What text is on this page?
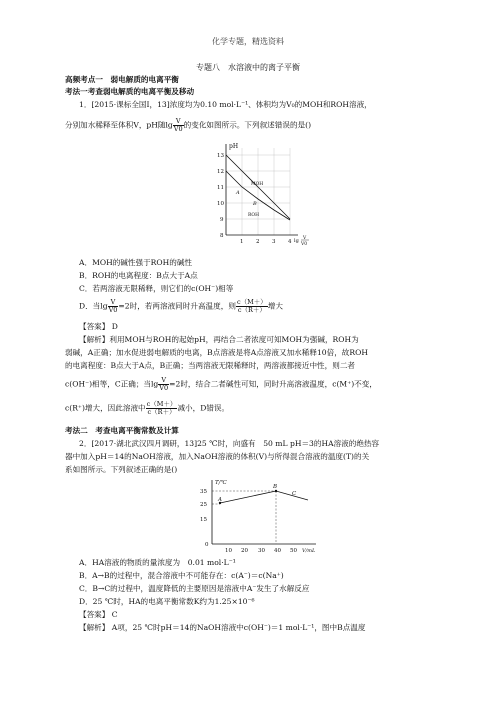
化学专题，精选资料
专题八　水溶液中的离子平衡
高频考点一　弱电解质的电离平衡
考法一考查弱电解质的电离平衡及移动
1．[2015·课标全国Ⅰ，13]浓度均为0.10 mol·L⁻¹、体积均为V₀的MOH和ROH溶液，
分别加水稀释至体积V，pH随$\lg \frac{V}{V0}$ 的变化如图所示。下列叙述错误的是()
pH
13
12
11
10
9
8
1 2 3 4 lg V
V0
MOH
ROH
A
B
A．MOH的碱性强于ROH的碱性
B．ROH的电离程度：B点大于A点
C．若两溶液无限稀释，则它们的c(OH⁻)相等
D．当$\lg \frac{V}{V0} =2$时，若两溶液同时升高温度，则 $\frac{c(M+)}{c(R+)}$ 增大
【答案】 D
【解析】利用MOH与ROH的起始pH，再结合二者浓度可知MOH为强碱，ROH为
弱碱，A正确；加水促进弱电解质的电离，B点溶液是将A点溶液又加水稀释10倍，故ROH
的电离程度：B点大于A点，B正确；当两溶液无限稀释时，两溶液都接近中性，则二者
c(OH⁻)相等，C正确；当$\lg \frac{V}{V0} =2$时，结合二者碱性可知，同时升高溶液温度，c(M⁺)不变，
c(R⁺)增大，因此溶液中 $\frac{c(M+)}{c(R+)}$ 减小，D错误。
考法二　考查电离平衡常数及计算
2．[2017·湖北武汉四月调研，13]25 ℃时，向盛有　50 mL pH＝3的HA溶液的绝热容
器中加入pH＝14的NaOH溶液，加入NaOH溶液的体积(V)与所得混合溶液的温度(T)的关
系如图所示。下列叙述正确的是()
T/℃
35
25
15
0
10 20 30 40 50 V/mL
A
B
C
A．HA溶液的物质的量浓度为　0.01 mol·L⁻¹
B．A→B的过程中，混合溶液中不可能存在：c(A⁻)＝c(Na⁺)
C．B→C的过程中，温度降低的主要原因是溶液中A⁻发生了水解反应
D．25 ℃时，HA的电离平衡常数K约为1.25×10⁻⁶
【答案】 C
【解析】 A项，25 ℃时pH＝14的NaOH溶液中c(OH⁻)＝1 mol·L⁻¹，图中B点温度
